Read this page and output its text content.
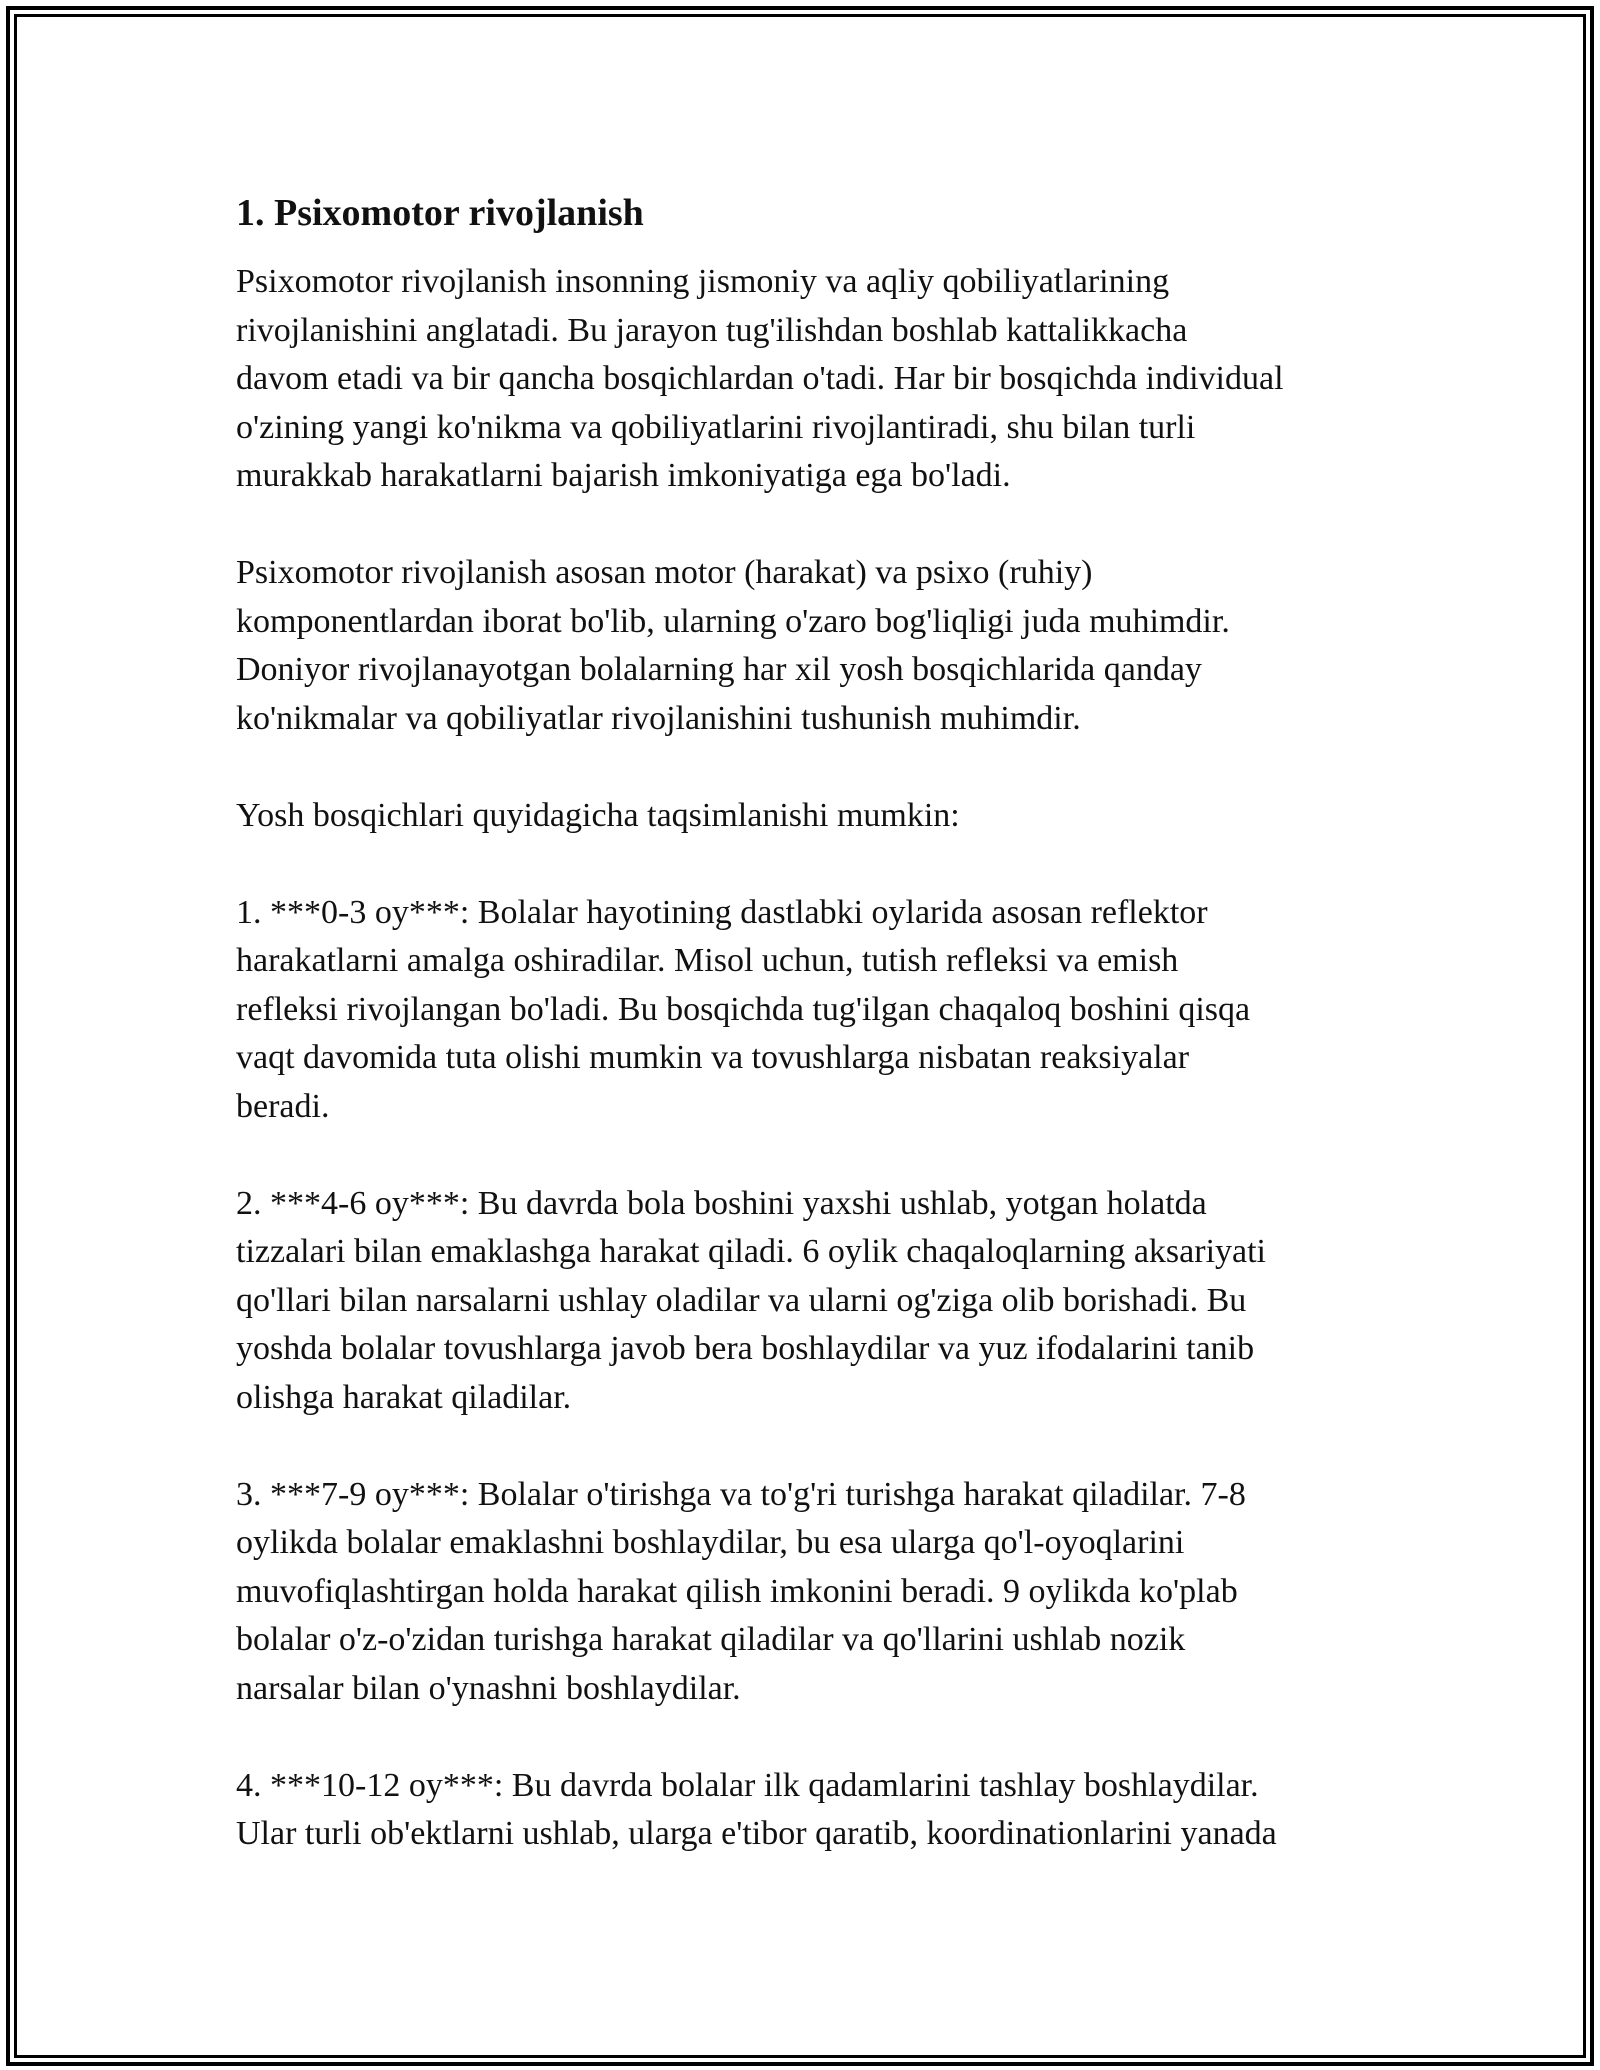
1. Psixomotor rivojlanish

Psixomotor rivojlanish insonning jismoniy va aqliy qobiliyatlarining
rivojlanishini anglatadi. Bu jarayon tug'ilishdan boshlab kattalikkacha
davom etadi va bir qancha bosqichlardan o'tadi. Har bir bosqichda individual
o'zining yangi ko'nikma va qobiliyatlarini rivojlantiradi, shu bilan turli
murakkab harakatlarni bajarish imkoniyatiga ega bo'ladi.

Psixomotor rivojlanish asosan motor (harakat) va psixo (ruhiy)
komponentlardan iborat bo'lib, ularning o'zaro bog'liqligi juda muhimdir.
Doniyor rivojlanayotgan bolalarning har xil yosh bosqichlarida qanday
ko'nikmalar va qobiliyatlar rivojlanishini tushunish muhimdir.

Yosh bosqichlari quyidagicha taqsimlanishi mumkin:

1. ***0-3 oy***: Bolalar hayotining dastlabki oylarida asosan reflektor
harakatlarni amalga oshiradilar. Misol uchun, tutish refleksi va emish
refleksi rivojlangan bo'ladi. Bu bosqichda tug'ilgan chaqaloq boshini qisqa
vaqt davomida tuta olishi mumkin va tovushlarga nisbatan reaksiyalar
beradi.

2. ***4-6 oy***: Bu davrda bola boshini yaxshi ushlab, yotgan holatda
tizzalari bilan emaklashga harakat qiladi. 6 oylik chaqaloqlarning aksariyati
qo'llari bilan narsalarni ushlay oladilar va ularni og'ziga olib borishadi. Bu
yoshda bolalar tovushlarga javob bera boshlaydilar va yuz ifodalarini tanib
olishga harakat qiladilar.

3. ***7-9 oy***: Bolalar o'tirishga va to'g'ri turishga harakat qiladilar. 7-8
oylikda bolalar emaklashni boshlaydilar, bu esa ularga qo'l-oyoqlarini
muvofiqlashtirgan holda harakat qilish imkonini beradi. 9 oylikda ko'plab
bolalar o'z-o'zidan turishga harakat qiladilar va qo'llarini ushlab nozik
narsalar bilan o'ynashni boshlaydilar.

4. ***10-12 oy***: Bu davrda bolalar ilk qadamlarini tashlay boshlaydilar.
Ular turli ob'ektlarni ushlab, ularga e'tibor qaratib, koordinationlarini yanada
